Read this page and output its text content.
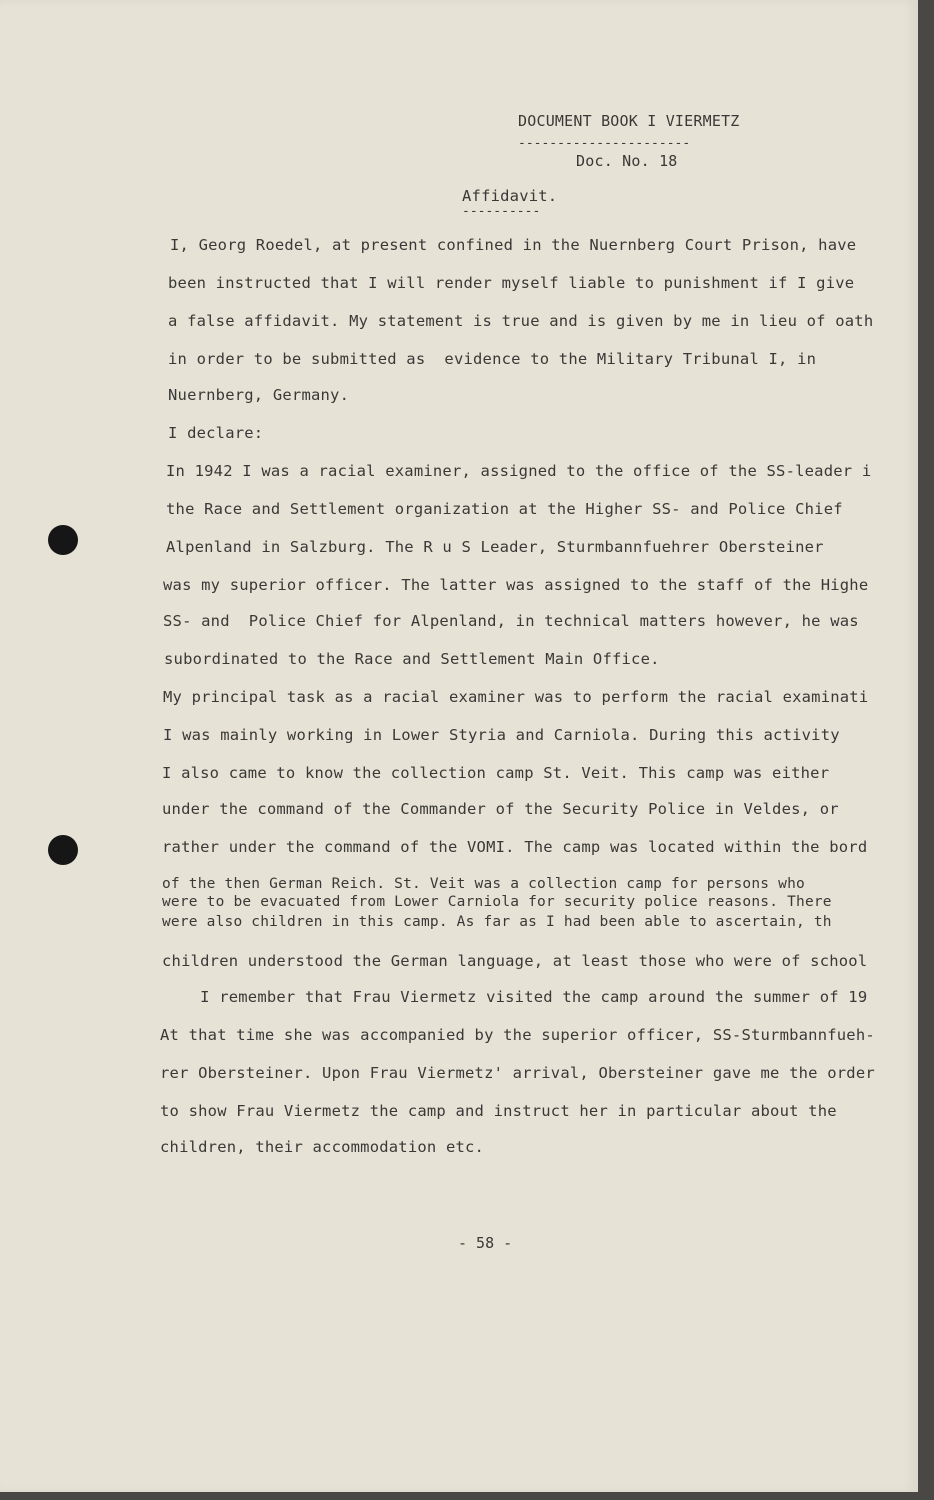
DOCUMENT BOOK I VIERMETZ
----------------------
Doc. No. 18
Affidavit.
----------
I, Georg Roedel, at present confined in the Nuernberg Court Prison, have
been instructed that I will render myself liable to punishment if I give
a false affidavit. My statement is true and is given by me in lieu of oath
in order to be submitted as  evidence to the Military Tribunal I, in
Nuernberg, Germany.
I declare:
In 1942 I was a racial examiner, assigned to the office of the SS-leader i
the Race and Settlement organization at the Higher SS- and Police Chief
Alpenland in Salzburg. The R u S Leader, Sturmbannfuehrer Obersteiner
was my superior officer. The latter was assigned to the staff of the Highe
SS- and  Police Chief for Alpenland, in technical matters however, he was
subordinated to the Race and Settlement Main Office.
My principal task as a racial examiner was to perform the racial examinati
I was mainly working in Lower Styria and Carniola. During this activity
I also came to know the collection camp St. Veit. This camp was either
under the command of the Commander of the Security Police in Veldes, or
rather under the command of the VOMI. The camp was located within the bord
of the then German Reich. St. Veit was a collection camp for persons who
were to be evacuated from Lower Carniola for security police reasons. There
were also children in this camp. As far as I had been able to ascertain, th
children understood the German language, at least those who were of school
I remember that Frau Viermetz visited the camp around the summer of 19
At that time she was accompanied by the superior officer, SS-Sturmbannfueh-
rer Obersteiner. Upon Frau Viermetz' arrival, Obersteiner gave me the order
to show Frau Viermetz the camp and instruct her in particular about the
children, their accommodation etc.
- 58 -
